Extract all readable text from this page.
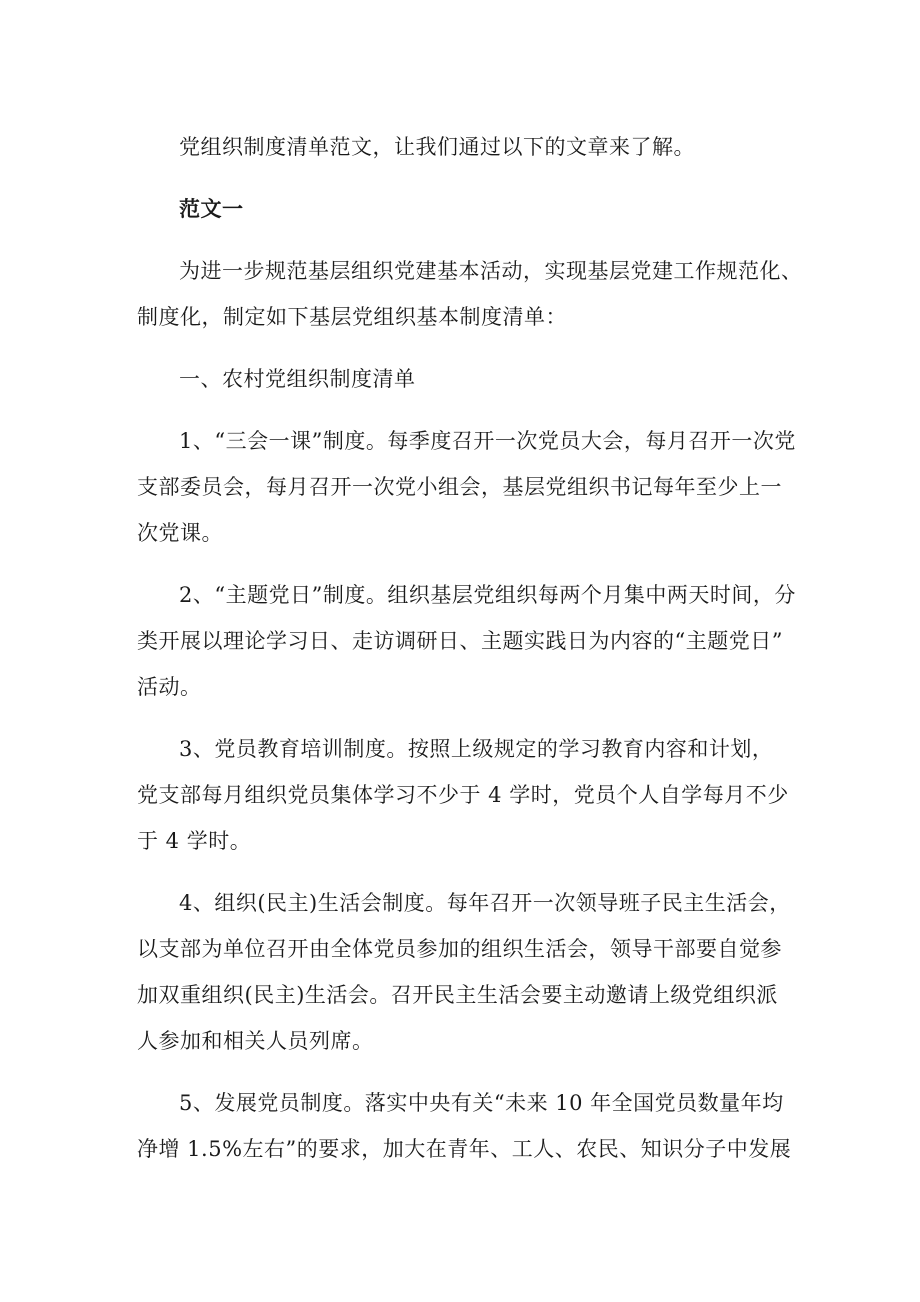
党组织制度清单范文，让我们通过以下的文章来了解。

范文一

为进一步规范基层组织党建基本活动，实现基层党建工作规范化、
制度化，制定如下基层党组织基本制度清单：

一、农村党组织制度清单

1、“三会一课”制度。每季度召开一次党员大会，每月召开一次党
支部委员会，每月召开一次党小组会，基层党组织书记每年至少上一
次党课。

2、“主题党日”制度。组织基层党组织每两个月集中两天时间，分
类开展以理论学习日、走访调研日、主题实践日为内容的“主题党日”
活动。

3、党员教育培训制度。按照上级规定的学习教育内容和计划，
党支部每月组织党员集体学习不少于 4 学时，党员个人自学每月不少
于 4 学时。

4、组织(民主)生活会制度。每年召开一次领导班子民主生活会，
以支部为单位召开由全体党员参加的组织生活会，领导干部要自觉参
加双重组织(民主)生活会。召开民主生活会要主动邀请上级党组织派
人参加和相关人员列席。

5、发展党员制度。落实中央有关“未来 10 年全国党员数量年均
净增 1.5%左右”的要求，加大在青年、工人、农民、知识分子中发展
